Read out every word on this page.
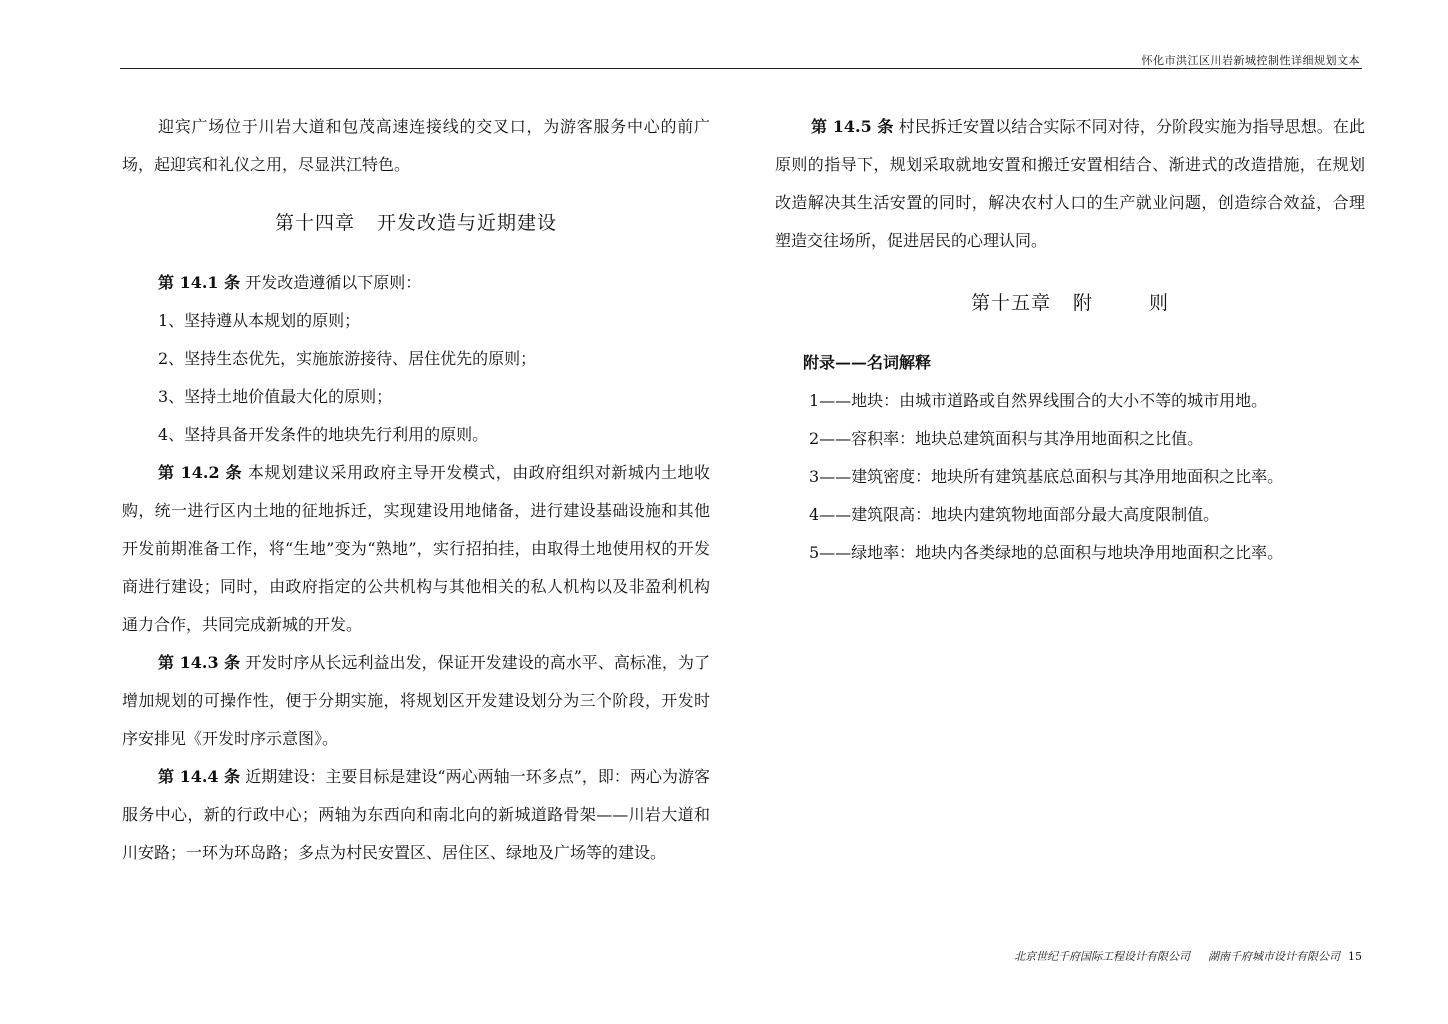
怀化市洪江区川岩新城控制性详细规划文本

迎宾广场位于川岩大道和包茂高速连接线的交叉口，为游客服务中心的前广场，起迎宾和礼仪之用，尽显洪江特色。

第十四章 开发改造与近期建设

第 14.1 条 开发改造遵循以下原则：

1、坚持遵从本规划的原则；

2、坚持生态优先，实施旅游接待、居住优先的原则；

3、坚持土地价值最大化的原则；

4、坚持具备开发条件的地块先行利用的原则。

第 14.2 条 本规划建议采用政府主导开发模式，由政府组织对新城内土地收购，统一进行区内土地的征地拆迁，实现建设用地储备，进行建设基础设施和其他开发前期准备工作，将“生地”变为“熟地”，实行招拍挂，由取得土地使用权的开发商进行建设；同时，由政府指定的公共机构与其他相关的私人机构以及非盈利机构通力合作，共同完成新城的开发。

第 14.3 条 开发时序从长远利益出发，保证开发建设的高水平、高标准，为了增加规划的可操作性，便于分期实施，将规划区开发建设划分为三个阶段，开发时序安排见《开发时序示意图》。

第 14.4 条 近期建设：主要目标是建设“两心两轴一环多点”，即：两心为游客服务中心，新的行政中心；两轴为东西向和南北向的新城道路骨架——川岩大道和川安路；一环为环岛路；多点为村民安置区、居住区、绿地及广场等的建设。

第 14.5 条 村民拆迁安置以结合实际不同对待，分阶段实施为指导思想。在此原则的指导下，规划采取就地安置和搬迁安置相结合、渐进式的改造措施，在规划改造解决其生活安置的同时，解决农村人口的生产就业问题，创造综合效益，合理塑造交往场所，促进居民的心理认同。

第十五章 附	则

附录——名词解释

1——地块：由城市道路或自然界线围合的大小不等的城市用地。

2——容积率：地块总建筑面积与其净用地面积之比值。

3——建筑密度：地块所有建筑基底总面积与其净用地面积之比率。

4——建筑限高：地块内建筑物地面部分最大高度限制值。

5——绿地率：地块内各类绿地的总面积与地块净用地面积之比率。

北京世纪千府国际工程设计有限公司 湖南千府城市设计有限公司 15
